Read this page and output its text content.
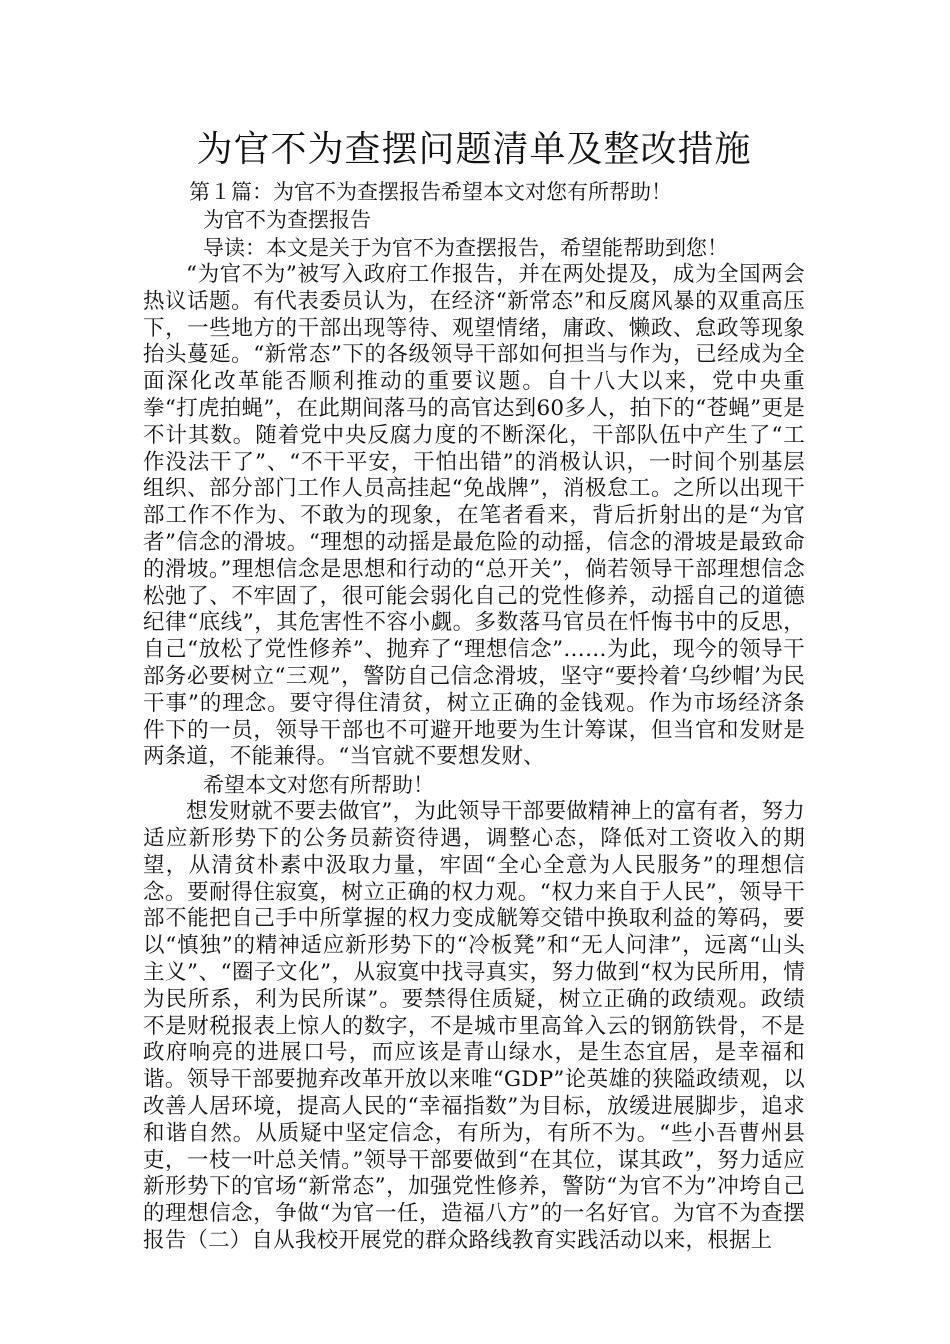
为官不为查摆问题清单及整改措施

第１篇：为官不为查摆报告希望本文对您有所帮助！

为官不为查摆报告

导读：本文是关于为官不为查摆报告，希望能帮助到您！

“为官不为”被写入政府工作报告，并在两处提及，成为全国两会热议话题。有代表委员认为，在经济“新常态”和反腐风暴的双重高压下，一些地方的干部出现等待、观望情绪，庸政、懒政、怠政等现象抬头蔓延。“新常态”下的各级领导干部如何担当与作为，已经成为全面深化改革能否顺利推动的重要议题。自十八大以来，党中央重拳“打虎拍蝇”，在此期间落马的高官达到60多人，拍下的“苍蝇”更是不计其数。随着党中央反腐力度的不断深化，干部队伍中产生了“工作没法干了”、“不干平安，干怕出错”的消极认识，一时间个别基层组织、部分部门工作人员高挂起“免战牌”，消极怠工。之所以出现干部工作不作为、不敢为的现象，在笔者看来，背后折射出的是“为官者”信念的滑坡。“理想的动摇是最危险的动摇，信念的滑坡是最致命的滑坡。”理想信念是思想和行动的“总开关”，倘若领导干部理想信念松弛了、不牢固了，很可能会弱化自己的党性修养，动摇自己的道德纪律“底线”，其危害性不容小觑。多数落马官员在忏悔书中的反思，自己“放松了党性修养”、抛弃了“理想信念”……为此，现今的领导干部务必要树立“三观”，警防自己信念滑坡，坚守“要拎着‘乌纱帽’为民干事”的理念。要守得住清贫，树立正确的金钱观。作为市场经济条件下的一员，领导干部也不可避开地要为生计筹谋，但当官和发财是两条道，不能兼得。“当官就不要想发财、

希望本文对您有所帮助！

想发财就不要去做官”，为此领导干部要做精神上的富有者，努力适应新形势下的公务员薪资待遇，调整心态，降低对工资收入的期望，从清贫朴素中汲取力量，牢固“全心全意为人民服务”的理想信念。要耐得住寂寞，树立正确的权力观。“权力来自于人民”，领导干部不能把自己手中所掌握的权力变成觥筹交错中换取利益的筹码，要以“慎独”的精神适应新形势下的“冷板凳”和“无人问津”，远离“山头主义”、“圈子文化”，从寂寞中找寻真实，努力做到“权为民所用，情为民所系，利为民所谋”。要禁得住质疑，树立正确的政绩观。政绩不是财税报表上惊人的数字，不是城市里高耸入云的钢筋铁骨，不是政府响亮的进展口号，而应该是青山绿水，是生态宜居，是幸福和谐。领导干部要抛弃改革开放以来唯“GDP”论英雄的狭隘政绩观，以改善人居环境，提高人民的“幸福指数”为目标，放缓进展脚步，追求和谐自然。从质疑中坚定信念，有所为，有所不为。“些小吾曹州县吏，一枝一叶总关情。”领导干部要做到“在其位，谋其政”，努力适应新形势下的官场“新常态”，加强党性修养，警防“为官不为”冲垮自己的理想信念，争做“为官一任，造福八方”的一名好官。为官不为查摆报告（二）自从我校开展党的群众路线教育实践活动以来，根据上
